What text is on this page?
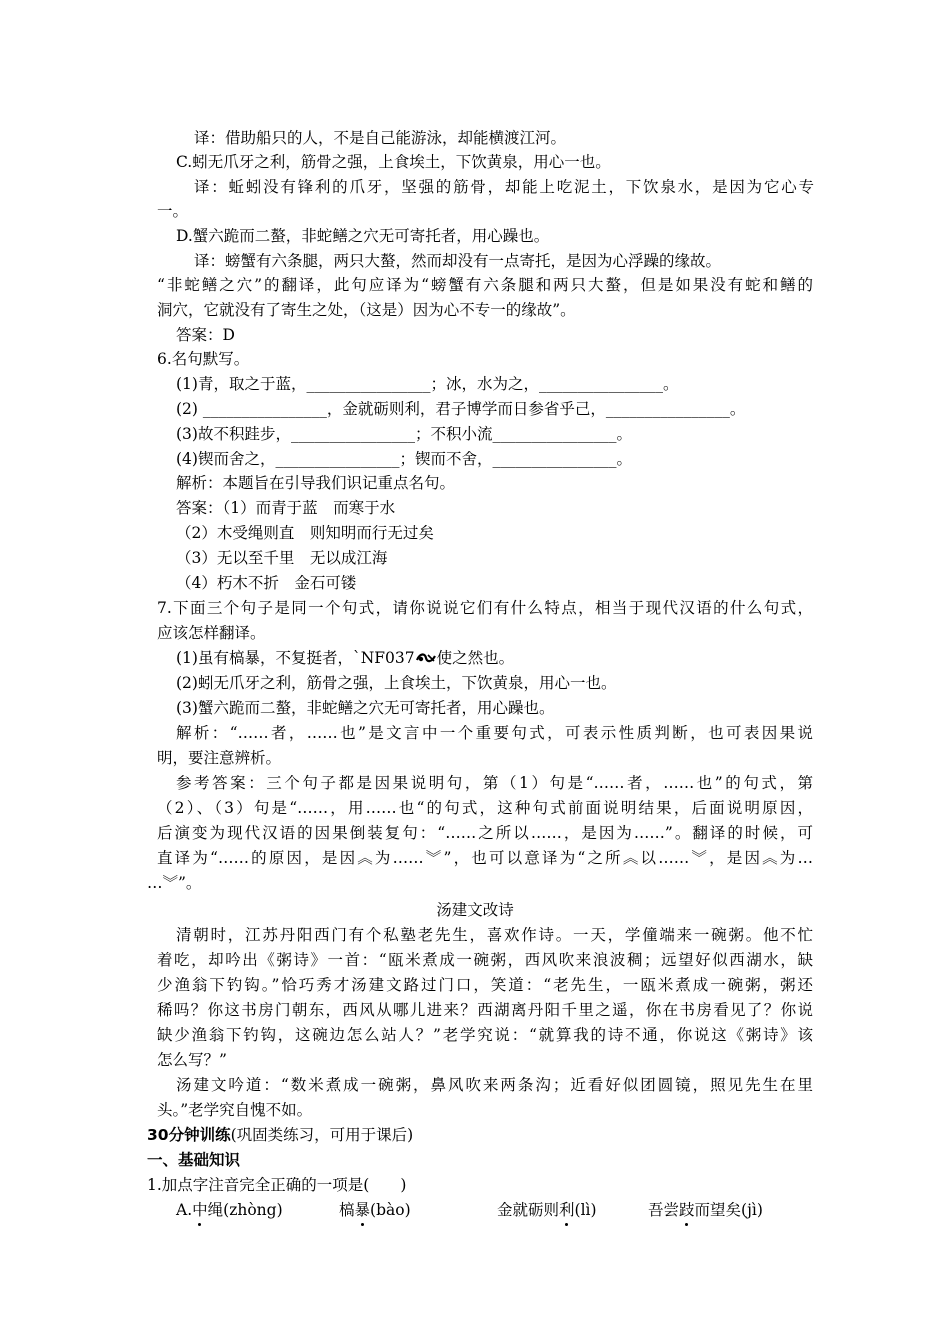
译：借助船只的人，不是自己能游泳，却能横渡江河。
C.蚓无爪牙之利，筋骨之强，上食埃土，下饮黄泉，用心一也。
译：蚯蚓没有锋利的爪牙，坚强的筋骨，却能上吃泥土，下饮泉水，是因为它心专
一。
D.蟹六跪而二螯，非蛇鳝之穴无可寄托者，用心躁也。
译：螃蟹有六条腿，两只大螯，然而却没有一点寄托，是因为心浮躁的缘故。
“非蛇鳝之穴”的翻译，此句应译为“螃蟹有六条腿和两只大螯，但是如果没有蛇和鳝的
洞穴，它就没有了寄生之处，（这是）因为心不专一的缘故”。
答案：D
6.名句默写。
(1)青，取之于蓝，________________；冰，水为之，________________。
(2) ________________，金就砺则利，君子博学而日参省乎己，________________。
(3)故不积跬步，________________；不积小流________________。
(4)锲而舍之，________________；锲而不舍，________________。
解析：本题旨在引导我们识记重点名句。
答案：（1）而青于蓝　而寒于水
（2）木受绳则直　则知明而行无过矣
（3）无以至千里　无以成江海
（4）朽木不折　金石可镂
7.下面三个句子是同一个句式，请你说说它们有什么特点，相当于现代汉语的什么句式，
应该怎样翻译。
(1)虽有槁暴，不复挺者，`NF037 使之然也。
(2)蚓无爪牙之利，筋骨之强，上食埃土，下饮黄泉，用心一也。
(3)蟹六跪而二螯，非蛇鳝之穴无可寄托者，用心躁也。
解析：“……者，……也”是文言中一个重要句式，可表示性质判断，也可表因果说
明，要注意辨析。
参考答案：三个句子都是因果说明句，第（1）句是“……者，……也”的句式，第
（2）、（3）句是“……，用……也“的句式，这种句式前面说明结果，后面说明原因，
后演变为现代汉语的因果倒装复句：“……之所以……，是因为……”。翻译的时候，可
直译为“……的原因，是因︽为……︾”，也可以意译为“之所︽以……︾，是因︽为…
…︾”。
汤建文改诗
清朝时，江苏丹阳西门有个私塾老先生，喜欢作诗。一天，学僮端来一碗粥。他不忙
着吃，却吟出《粥诗》一首：“瓯米煮成一碗粥，西风吹来浪波稠；远望好似西湖水，缺
少渔翁下钓钩。”恰巧秀才汤建文路过门口，笑道：“老先生，一瓯米煮成一碗粥，粥还
稀吗？你这书房门朝东，西风从哪儿进来？西湖离丹阳千里之遥，你在书房看见了？你说
缺少渔翁下钓钩，这碗边怎么站人？”老学究说：“就算我的诗不通，你说这《粥诗》该
怎么写？”
汤建文吟道：“数米煮成一碗粥，鼻风吹来两条沟；近看好似团圆镜，照见先生在里
头。”老学究自愧不如。
30分钟训练(巩固类练习，可用于课后)
一、基础知识
1.加点字注音完全正确的一项是(　　)
A.中绳(zhòng)	槁暴(bào)	金就砺则利(lì)	吾尝跂而望矣(jì)
